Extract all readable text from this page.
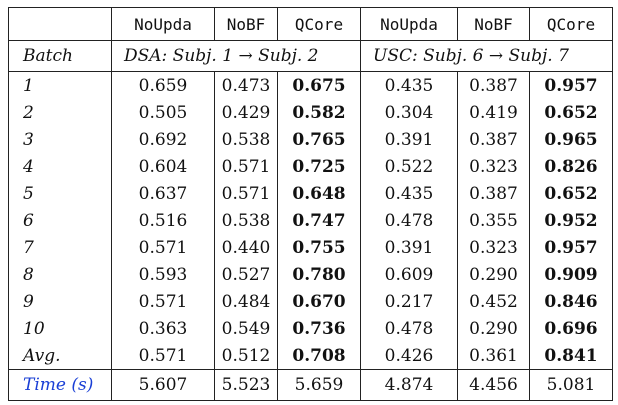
	NoUpda	NoBF	QCore	NoUpda	NoBF	QCore
Batch	DSA: Subj. 1 → Subj. 2			USC: Subj. 6 → Subj. 7		
1	0.659	0.473	0.675	0.435	0.387	0.957
2	0.505	0.429	0.582	0.304	0.419	0.652
3	0.692	0.538	0.765	0.391	0.387	0.965
4	0.604	0.571	0.725	0.522	0.323	0.826
5	0.637	0.571	0.648	0.435	0.387	0.652
6	0.516	0.538	0.747	0.478	0.355	0.952
7	0.571	0.440	0.755	0.391	0.323	0.957
8	0.593	0.527	0.780	0.609	0.290	0.909
9	0.571	0.484	0.670	0.217	0.452	0.846
10	0.363	0.549	0.736	0.478	0.290	0.696
Avg.	0.571	0.512	0.708	0.426	0.361	0.841
Time (s)	5.607	5.523	5.659	4.874	4.456	5.081
